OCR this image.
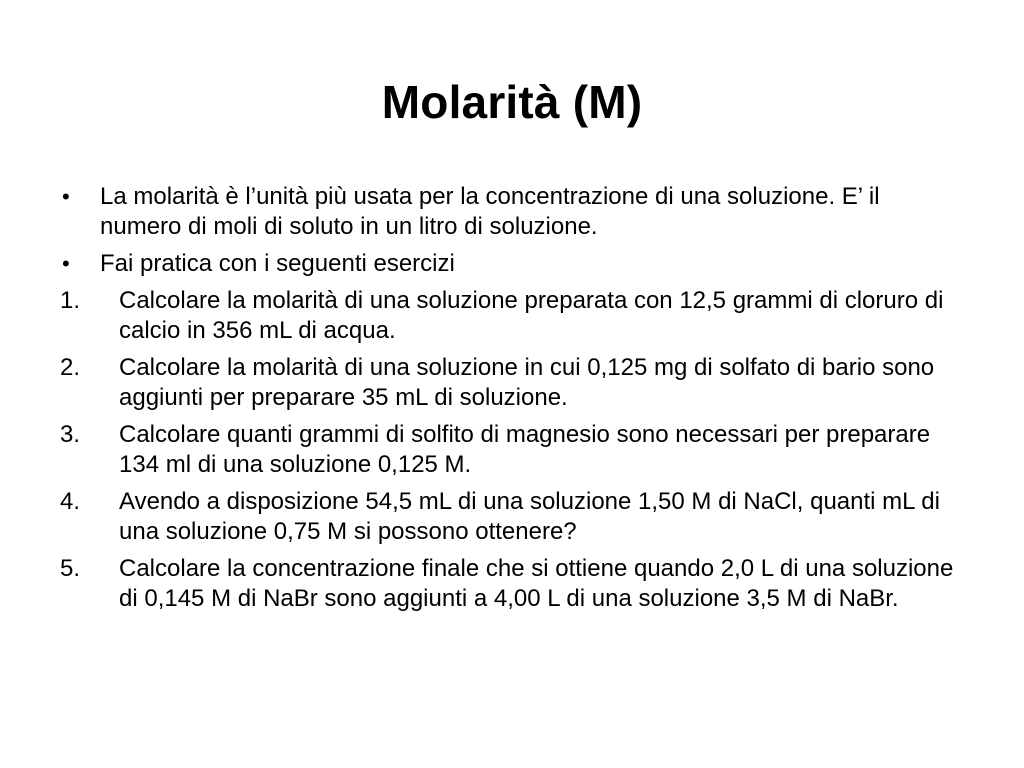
Molarità (M)
• La molarità è l’unità più usata per la concentrazione di una soluzione. E’ il numero di moli di soluto in un litro di soluzione.
• Fai pratica con i seguenti esercizi
1. Calcolare la molarità di una soluzione preparata con 12,5 grammi di cloruro di calcio in 356 mL di acqua.
2. Calcolare la molarità di una soluzione in cui 0,125 mg di solfato di bario sono aggiunti per preparare 35 mL di soluzione.
3. Calcolare quanti grammi di solfito di magnesio sono necessari per preparare 134 ml di una soluzione 0,125 M.
4. Avendo a disposizione 54,5 mL di una soluzione 1,50 M di NaCl, quanti mL di una soluzione 0,75 M si possono ottenere?
5. Calcolare la concentrazione finale che si ottiene quando 2,0 L di una soluzione di 0,145 M di NaBr sono aggiunti a 4,00 L di una soluzione 3,5 M di NaBr.
